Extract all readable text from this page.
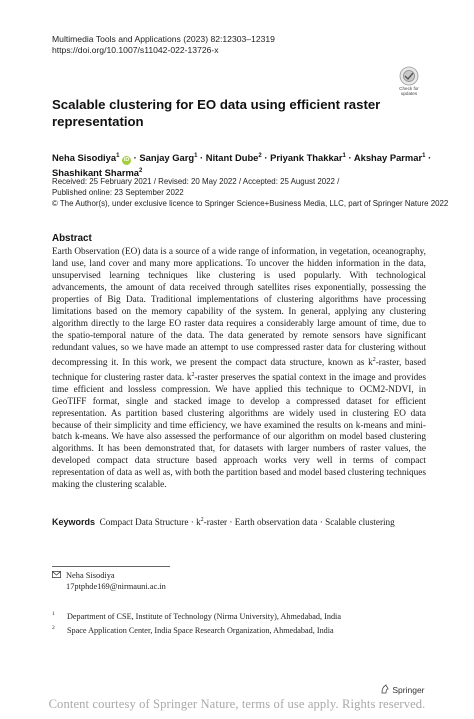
Multimedia Tools and Applications (2023) 82:12303–12319
https://doi.org/10.1007/s11042-022-13726-x
Check for updates
Scalable clustering for EO data using efficient raster representation
Neha Sisodiya$^1$ iD · Sanjay Garg$^1$ · Nitant Dube$^2$ · Priyank Thakkar$^1$ · Akshay Parmar$^1$ ·
Shashikant Sharma$^2$
Received: 25 February 2021 / Revised: 20 May 2022 / Accepted: 25 August 2022 /
Published online: 23 September 2022
© The Author(s), under exclusive licence to Springer Science+Business Media, LLC, part of Springer Nature 2022
Abstract
Earth Observation (EO) data is a source of a wide range of information, in vegetation, oceanography, land use, land cover and many more applications. To uncover the hidden information in the data, unsupervised learning techniques like clustering is used popularly. With technological advancements, the amount of data received through satellites rises exponentially, possessing the properties of Big Data. Traditional implementations of clustering algorithms have processing limitations based on the memory capability of the system. In general, applying any clustering algorithm directly to the large EO raster data requires a considerably large amount of time, due to the spatio-temporal nature of the data. The data generated by remote sensors have significant redundant values, so we have made an attempt to use compressed raster data for clustering without decompressing it. In this work, we present the compact data structure, known as $k^2$-raster, based technique for clustering raster data. $k^2$-raster preserves the spatial context in the image and provides time efficient and lossless compression. We have applied this technique to OCM2-NDVI, in GeoTIFF format, single and stacked image to develop a compressed dataset for efficient representation. As partition based clustering algorithms are widely used in clustering EO data because of their simplicity and time efficiency, we have examined the results on k-means and mini-batch k-means. We have also assessed the performance of our algorithm on model based clustering algorithms. It has been demonstrated that, for datasets with larger numbers of raster values, the developed compact data structure based approach works very well in terms of compact representation of data as well as, with both the partition based and model based clustering techniques making the clustering scalable.
Keywords Compact Data Structure · $k^2$-raster · Earth observation data · Scalable clustering
Neha Sisodiya
17ptphde169@nirmauni.ac.in
$^1$ Department of CSE, Institute of Technology (Nirma University), Ahmedabad, India
$^2$ Space Application Center, India Space Research Organization, Ahmedabad, India
Springer
Content courtesy of Springer Nature, terms of use apply. Rights reserved.
